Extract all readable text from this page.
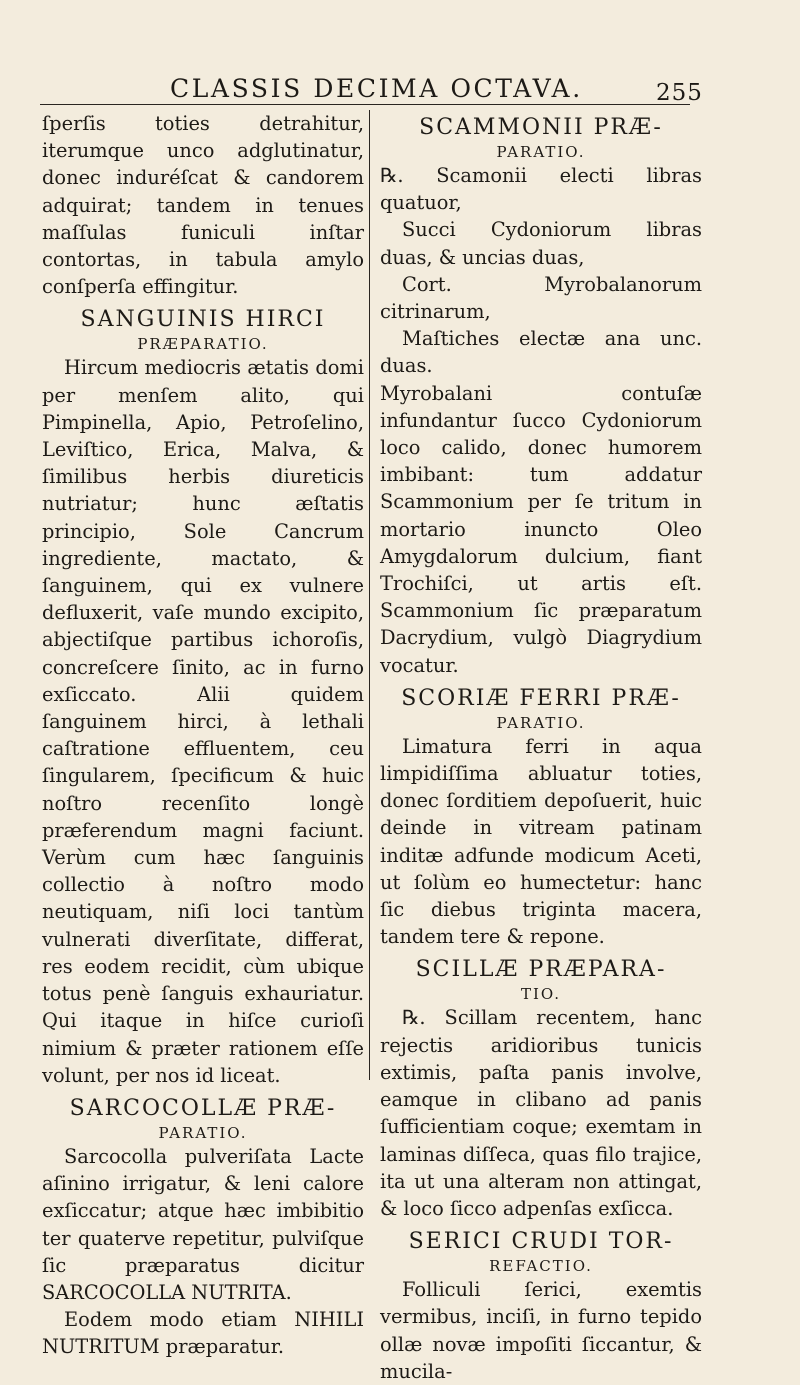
CLASSIS DECIMA OCTAVA.	255

ſperſis toties detrahitur, iterumque unco adglutinatur, donec induréſcat & candorem adquirat; tandem in tenues maſſulas funiculi inſtar contortas, in tabula amylo conſperſa effingitur.

SANGUINIS HIRCI
PRÆPARATIO.

Hircum mediocris ætatis domi per menſem alito, qui Pimpinella, Apio, Petroſelino, Leviſtico, Erica, Malva, & ſimilibus herbis diureticis nutriatur; hunc æſtatis principio, Sole Cancrum ingrediente, mactato, & ſanguinem, qui ex vulnere defluxerit, vaſe mundo excipito, abjectiſque partibus ichoroſis, concreſcere ſinito, ac in furno exſiccato. Alii quidem ſanguinem hirci, à lethali caſtratione effluentem, ceu ſingularem, ſpecificum & huic noſtro recenſito longè præferendum magni faciunt. Verùm cum hæc ſanguinis collectio à noſtro modo neutiquam, niſi loci tantùm vulnerati diverſitate, differat, res eodem recidit, cùm ubique totus penè ſanguis exhauriatur. Qui itaque in hiſce curioſi nimium & præter rationem eſſe volunt, per nos id liceat.

SARCOCOLLÆ PRÆ-
PARATIO.

Sarcocolla pulveriſata Lacte aſinino irrigatur, & leni calore exſiccatur; atque hæc imbibitio ter quaterve repetitur, pulviſque ſic præparatus dicitur SARCOCOLLA NUTRITA.

Eodem modo etiam NIHILI NUTRITUM præparatur.

SCAMMONII PRÆ-
PARATIO.

℞. Scamonii electi libras quatuor,

Succi Cydoniorum libras duas, & uncias duas,

Cort. Myrobalanorum citrinarum,

Maſtiches electæ ana unc. duas.

Myrobalani contuſæ infundantur ſucco Cydoniorum loco calido, donec humorem imbibant: tum addatur Scammonium per ſe tritum in mortario inuncto Oleo Amygdalorum dulcium, fiant Trochiſci, ut artis eſt. Scammonium ſic præparatum Dacrydium, vulgò Diagrydium vocatur.

SCORIÆ FERRI PRÆ-
PARATIO.

Limatura ferri in aqua limpidiſſima abluatur toties, donec ſorditiem depoſuerit, huic deinde in vitream patinam inditæ adfunde modicum Aceti, ut ſolùm eo humectetur: hanc ſic diebus triginta macera, tandem tere & repone.

SCILLÆ PRÆPARA-
TIO.

℞. Scillam recentem, hanc rejectis aridioribus tunicis extimis, paſta panis involve, eamque in clibano ad panis ſufficientiam coque; exemtam in laminas diſſeca, quas filo trajice, ita ut una alteram non attingat, & loco ſicco adpenſas exſicca.

SERICI CRUDI TOR-
REFACTIO.

Folliculi ſerici, exemtis vermibus, inciſi, in furno tepido ollæ novæ impoſiti ſiccantur, & mucila-
